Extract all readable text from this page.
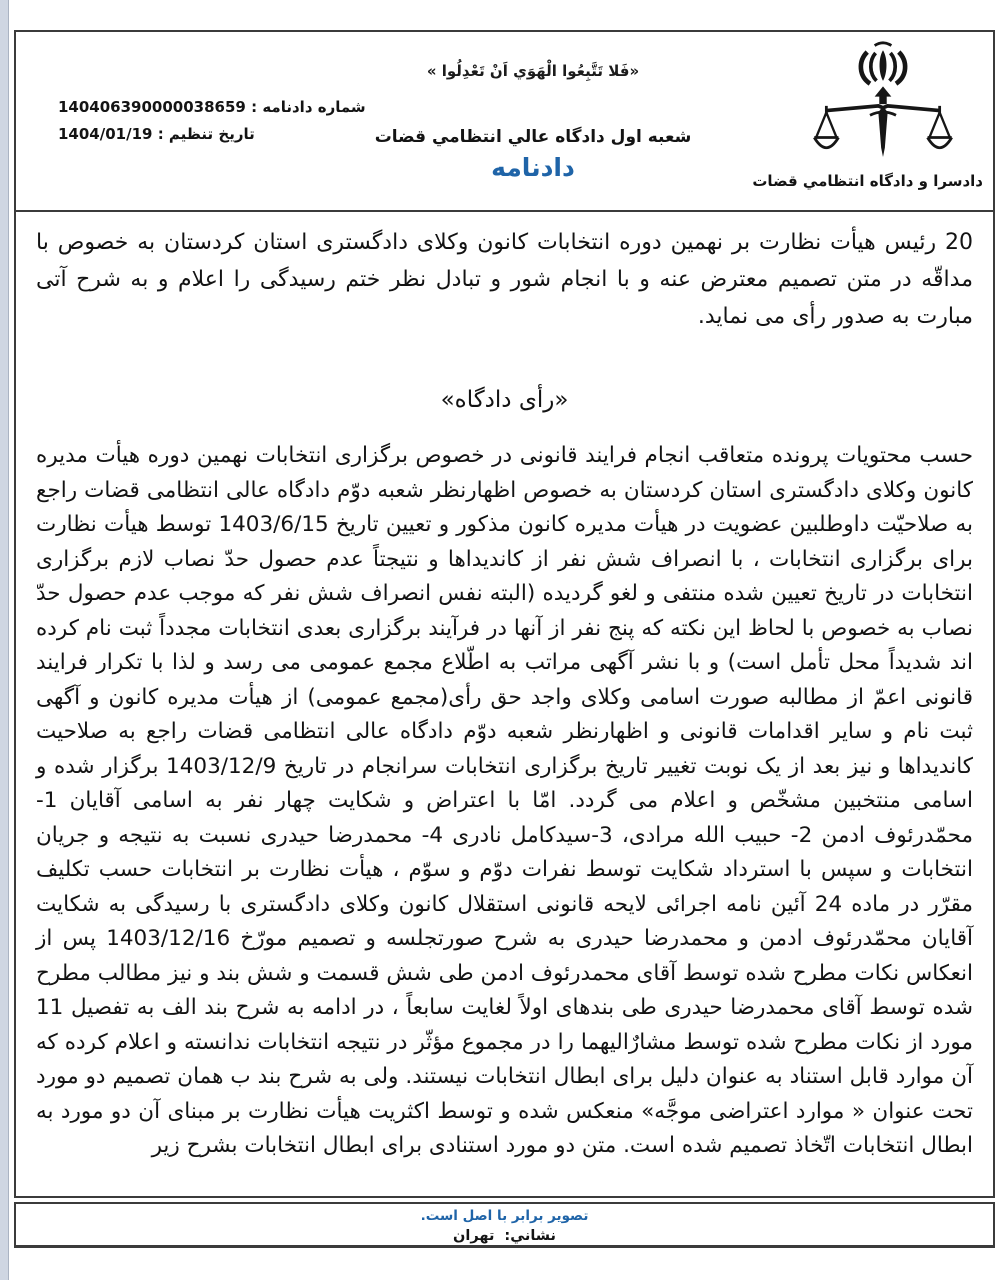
«فَلا تَتَّبِعُوا الْهَوَي اَنْ تَعْدِلُوا »
شماره دادنامه : 140406390000038659
تاریخ تنظیم : 1404/01/19	شعبه اول دادگاه عالي انتظامي قضات
دادنامه	دادسرا و دادگاه انتظامي قضات

20 رئیس هیأت نظارت بر نهمین دوره انتخابات کانون وکلای دادگستری استان کردستان به خصوص با مداقّه در متن تصمیم معترض عنه و با انجام شور و تبادل نظر ختم رسیدگی را اعلام و به شرح آتی مبارت به صدور رأی می نماید.

«رأی دادگاه»

حسب محتویات پرونده متعاقب انجام فرایند قانونی در خصوص برگزاری انتخابات نهمین دوره هیأت مدیره کانون وکلای دادگستری استان کردستان به خصوص اظهارنظر شعبه دوّم دادگاه عالی انتظامی قضات راجع به صلاحیّت داوطلبین عضویت در هیأت مدیره کانون مذکور و تعیین تاریخ 1403/6/15 توسط هیأت نظارت برای برگزاری انتخابات ، با انصراف شش نفر از کاندیداها و نتیجتاً عدم حصول حدّ نصاب لازم برگزاری انتخابات در تاریخ تعیین شده منتفی و لغو گردیده (البته نفس انصراف شش نفر که موجب عدم حصول حدّ نصاب به خصوص با لحاظ این نکته که پنج نفر از آنها در فرآیند برگزاری بعدی انتخابات مجدداً ثبت نام کرده اند شدیداً محل تأمل است) و با نشر آگهی مراتب به اطّلاع مجمع عمومی می رسد و لذا با تکرار فرایند قانونی اعمّ از مطالبه صورت اسامی وکلای واجد حق رأی(مجمع عمومی) از هیأت مدیره کانون و آگهی ثبت نام و سایر اقدامات قانونی و اظهارنظر شعبه دوّم دادگاه عالی انتظامی قضات راجع به صلاحیت کاندیداها و نیز بعد از یک نوبت تغییر تاریخ برگزاری انتخابات سرانجام در تاریخ 1403/12/9 برگزار شده و اسامی منتخبین مشخّص و اعلام می گردد. امّا با اعتراض و شکایت چهار نفر به اسامی آقایان 1- محمّدرئوف ادمن 2- حبیب الله مرادی، 3-سیدکامل نادری 4- محمدرضا حیدری نسبت به نتیجه و جریان انتخابات و سپس با استرداد شکایت توسط نفرات دوّم و سوّم ، هیأت نظارت بر انتخابات حسب تکلیف مقرّر در ماده 24 آئین نامه اجرائی لایحه قانونی استقلال کانون وکلای دادگستری با رسیدگی به شکایت آقایان محمّدرئوف ادمن و محمدرضا حیدری به شرح صورتجلسه و تصمیم مورّخ 1403/12/16 پس از انعکاس نکات مطرح شده توسط آقای محمدرئوف ادمن طی شش قسمت و شش بند و نیز مطالب مطرح شده توسط آقای محمدرضا حیدری طی بندهای اولاً لغایت سابعاً ، در ادامه به شرح بند الف به تفصیل 11 مورد از نکات مطرح شده توسط مشارٌالیهما را در مجموع مؤثّر در نتیجه انتخابات ندانسته و اعلام کرده که آن موارد قابل استناد به عنوان دلیل برای ابطال انتخابات نیستند. ولی به شرح بند ب همان تصمیم دو مورد تحت عنوان « موارد اعتراضی موجَّه» منعکس شده و توسط اکثریت هیأت نظارت بر مبنای آن دو مورد به ابطال انتخابات اتّخاذ تصمیم شده است. متن دو مورد استنادی برای ابطال انتخابات بشرح زیر

تصویر برابر با اصل است.
نشاني:تهران
